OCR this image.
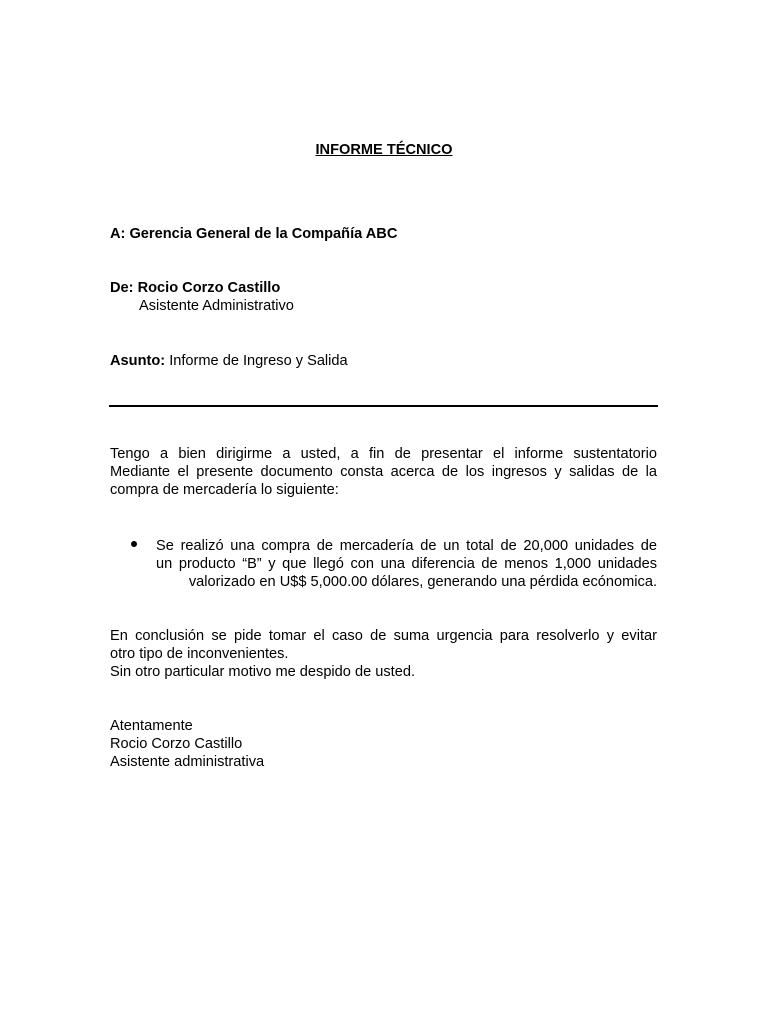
INFORME TÉCNICO
A: Gerencia General de la Compañía ABC
De: Rocio Corzo Castillo
Asistente Administrativo
Asunto: Informe de Ingreso y Salida
Tengo a bien dirigirme a usted, a fin de presentar el informe sustentatorio
Mediante el presente documento consta acerca de los ingresos y salidas de la
compra de mercadería lo siguiente:
Se realizó una compra de mercadería de un total de 20,000 unidades de
un producto “B” y que llegó con una diferencia de menos 1,000 unidades
valorizado en U$$ 5,000.00 dólares, generando una pérdida ecónomica.
En conclusión se pide tomar el caso de suma urgencia para resolverlo y evitar
otro tipo de inconvenientes.
Sin otro particular motivo me despido de usted.
Atentamente
Rocio Corzo Castillo
Asistente administrativa
